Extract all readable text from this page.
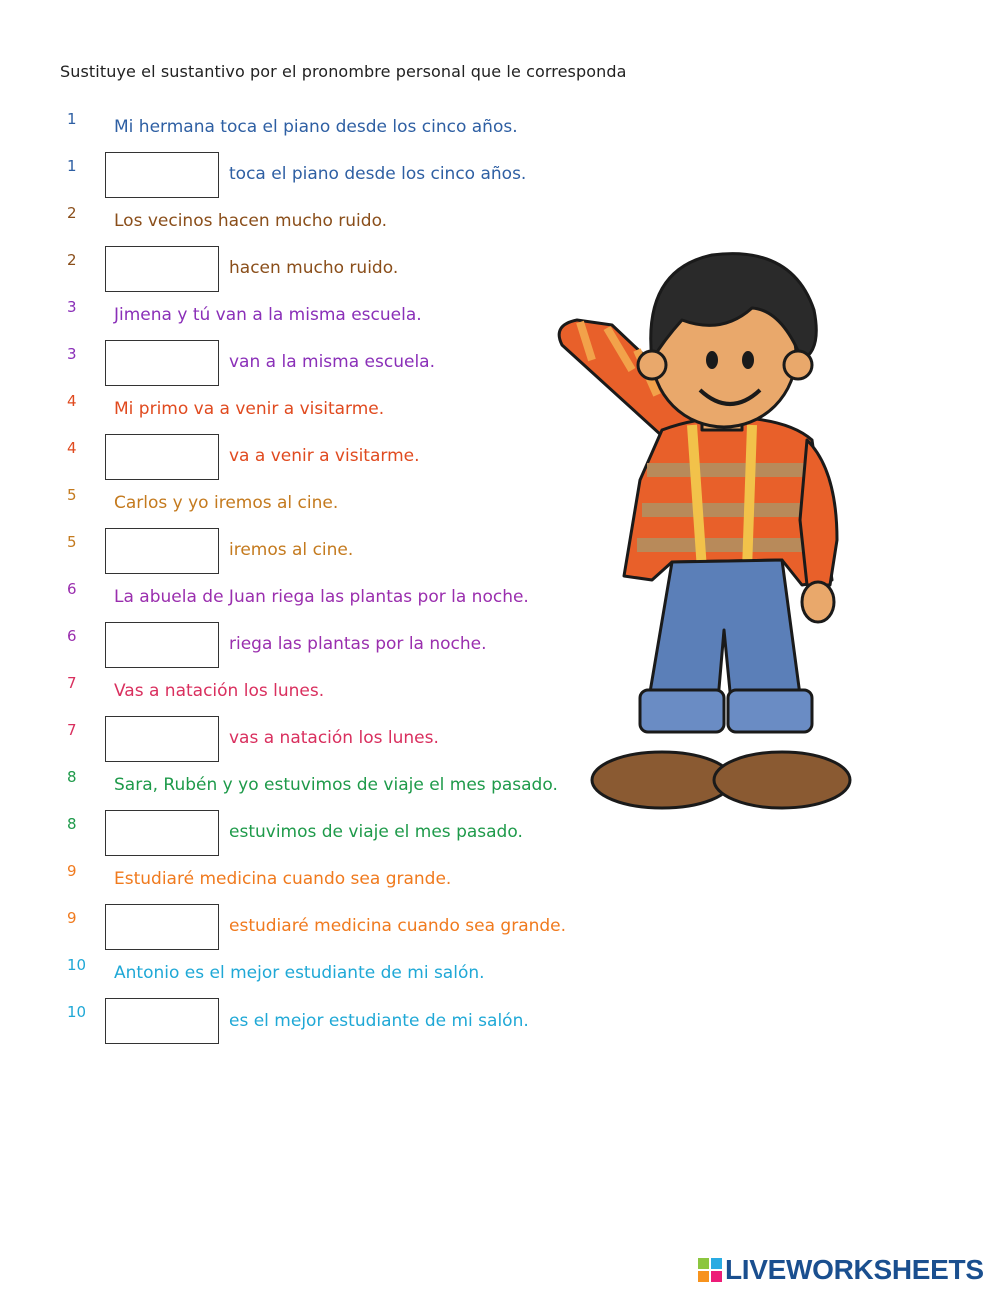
Sustituye el sustantivo por el pronombre personal que le corresponda
1 Mi hermana toca el piano desde los cinco años.
1	toca el piano desde los cinco años.
2 Los vecinos hacen mucho ruido.
2	hacen mucho ruido.
3 Jimena y tú van a la misma escuela.
3	van a la misma escuela.
4 Mi primo va a venir a visitarme.
4	va a venir a visitarme.
5 Carlos y yo iremos al cine.
5	iremos al cine.
6 La abuela de Juan riega las plantas por la noche.
6	riega las plantas por la noche.
7 Vas a natación los lunes.
7	vas a natación los lunes.
8 Sara, Rubén y yo estuvimos de viaje el mes pasado.
8	estuvimos de viaje el mes pasado.
9 Estudiaré medicina cuando sea grande.
9	estudiaré medicina cuando sea grande.
10 Antonio es el mejor estudiante de mi salón.
10	es el mejor estudiante de mi salón.
LIVEWORKSHEETS
